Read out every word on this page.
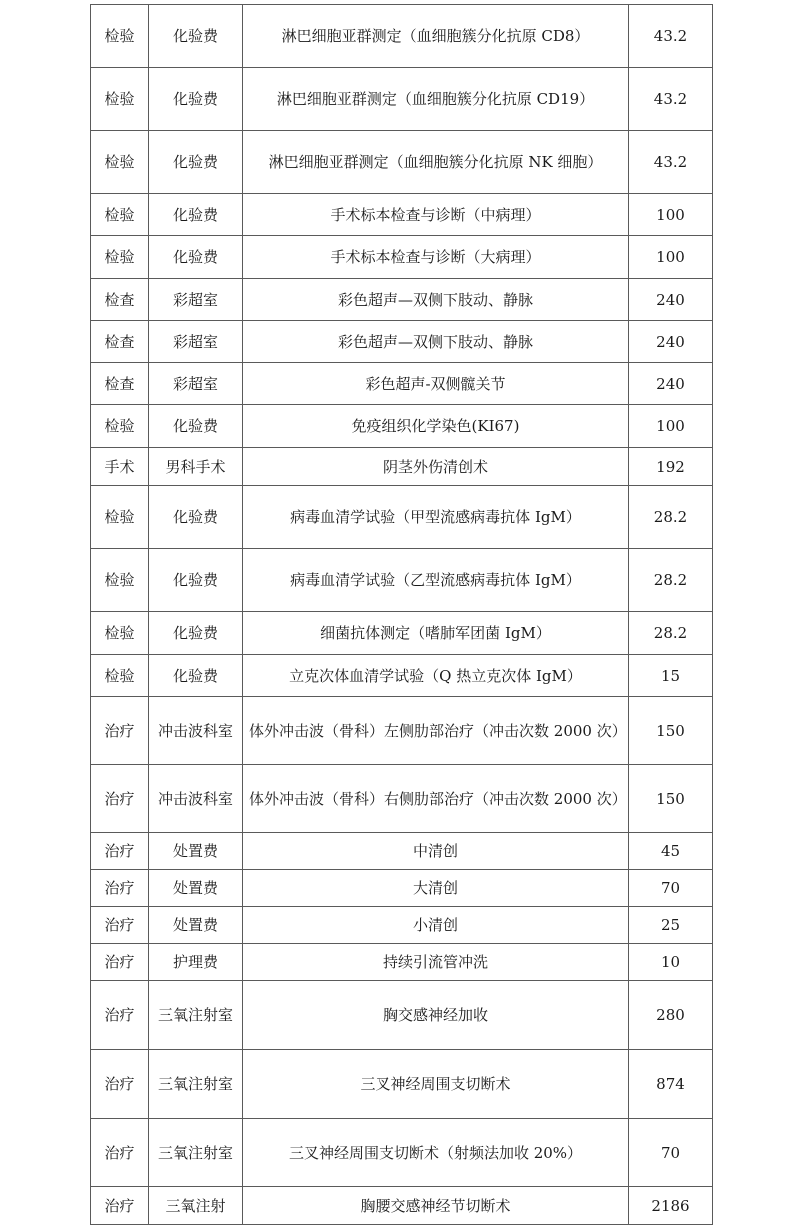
检验	化验费	淋巴细胞亚群测定（血细胞簇分化抗原 CD8）	43.2
检验	化验费	淋巴细胞亚群测定（血细胞簇分化抗原 CD19）	43.2
检验	化验费	淋巴细胞亚群测定（血细胞簇分化抗原 NK 细胞）	43.2
检验	化验费	手术标本检查与诊断（中病理）	100
检验	化验费	手术标本检查与诊断（大病理）	100
检查	彩超室	彩色超声—双侧下肢动、静脉	240
检查	彩超室	彩色超声—双侧下肢动、静脉	240
检查	彩超室	彩色超声-双侧髋关节	240
检验	化验费	免疫组织化学染色(KI67)	100
手术	男科手术	阴茎外伤清创术	192
检验	化验费	病毒血清学试验（甲型流感病毒抗体 IgM）	28.2
检验	化验费	病毒血清学试验（乙型流感病毒抗体 IgM）	28.2
检验	化验费	细菌抗体测定（嗜肺军团菌 IgM）	28.2
检验	化验费	立克次体血清学试验（Q 热立克次体 IgM）	15
治疗	冲击波科室	体外冲击波（骨科）左侧肋部治疗（冲击次数 2000 次）	150
治疗	冲击波科室	体外冲击波（骨科）右侧肋部治疗（冲击次数 2000 次）	150
治疗	处置费	中清创	45
治疗	处置费	大清创	70
治疗	处置费	小清创	25
治疗	护理费	持续引流管冲洗	10
治疗	三氧注射室	胸交感神经加收	280
治疗	三氧注射室	三叉神经周围支切断术	874
治疗	三氧注射室	三叉神经周围支切断术（射频法加收 20%）	70
治疗	三氧注射	胸腰交感神经节切断术	2186
